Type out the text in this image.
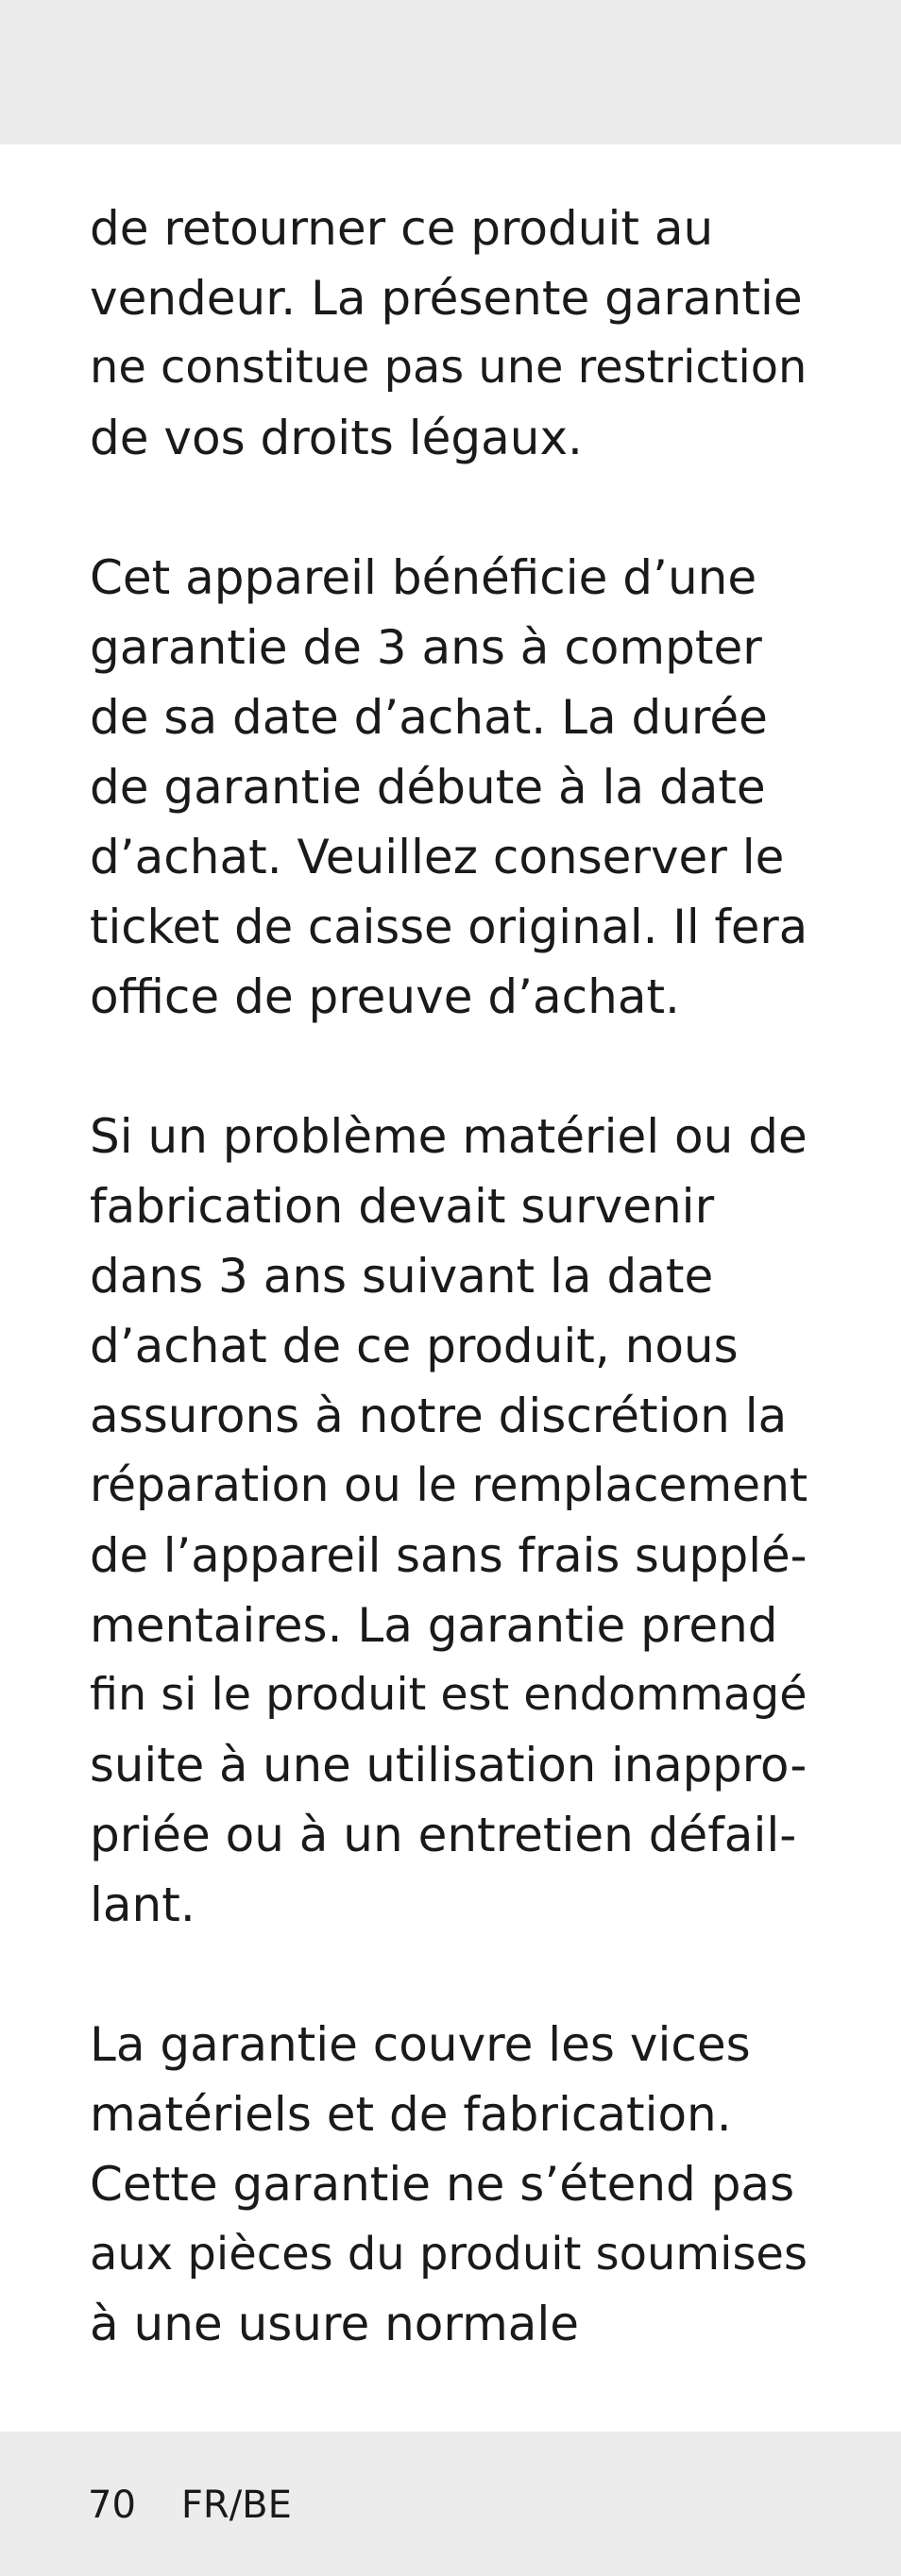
de retourner ce produit au
vendeur. La présente garantie
ne constitue pas une restriction
de vos droits légaux.

Cet appareil bénéficie d’une
garantie de 3 ans à compter
de sa date d’achat. La durée
de garantie débute à la date
d’achat. Veuillez conserver le
ticket de caisse original. Il fera
office de preuve d’achat.

Si un problème matériel ou de
fabrication devait survenir
dans 3 ans suivant la date
d’achat de ce produit, nous
assurons à notre discrétion la
réparation ou le remplacement
de l’appareil sans frais supplé-
mentaires. La garantie prend
fin si le produit est endommagé
suite à une utilisation inappro-
priée ou à un entretien défail-
lant.

La garantie couvre les vices
matériels et de fabrication.
Cette garantie ne s’étend pas
aux pièces du produit soumises
à une usure normale

70 FR/BE
